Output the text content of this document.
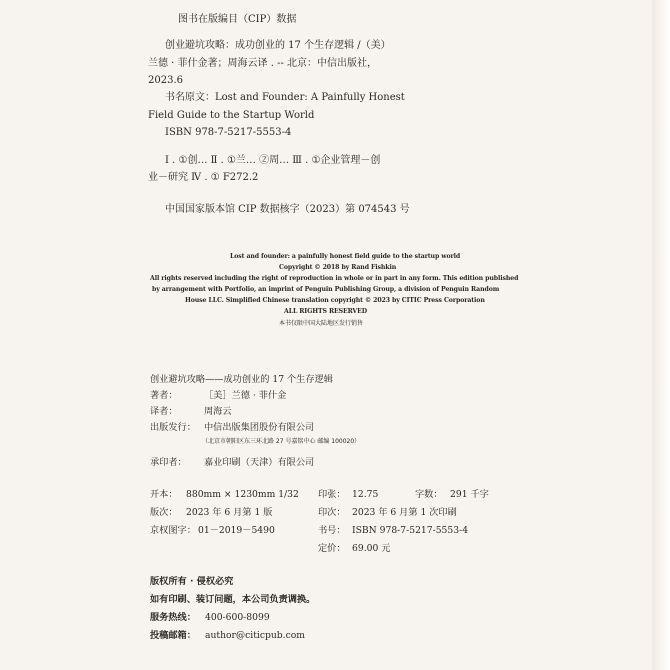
图书在版编目（CIP）数据
创业避坑攻略：成功创业的 17 个生存逻辑 /（美）
兰德 · 菲什金著；周海云译 . -- 北京：中信出版社，
2023.6
书名原文：Lost and Founder: A Painfully Honest
Field Guide to the Startup World
ISBN 978-7-5217-5553-4
Ⅰ . ①创… Ⅱ . ①兰… ②周… Ⅲ . ①企业管理－创
业－研究 Ⅳ . ① F272.2
中国国家版本馆 CIP 数据核字（2023）第 074543 号
Lost and founder: a painfully honest field guide to the startup world
Copyright © 2018 by Rand Fishkin
All rights reserved including the right of reproduction in whole or in part in any form. This edition published
by arrangement with Portfolio, an imprint of Penguin Publishing Group, a division of Penguin Random
House LLC. Simplified Chinese translation copyright © 2023 by CITIC Press Corporation
ALL RIGHTS RESERVED
本书仅限中国大陆地区发行销售
创业避坑攻略——成功创业的 17 个生存逻辑
著者：	［美］兰德 · 菲什金
译者：	周海云
出版发行： 中信出版集团股份有限公司
（北京市朝阳区东三环北路 27 号嘉铭中心 邮编 100020）
承印者： 嘉业印刷（天津）有限公司
开本： 880mm × 1230mm 1/32 印张： 12.75	字数： 291 千字
版次： 2023 年 6 月第 1 版	印次： 2023 年 6 月第 1 次印刷
京权图字： 01－2019－5490	书号： ISBN 978-7-5217-5553-4
定价： 69.00 元
版权所有 · 侵权必究
如有印刷、装订问题，本公司负责调换。
服务热线： 400-600-8099
投稿邮箱： author@citicpub.com
